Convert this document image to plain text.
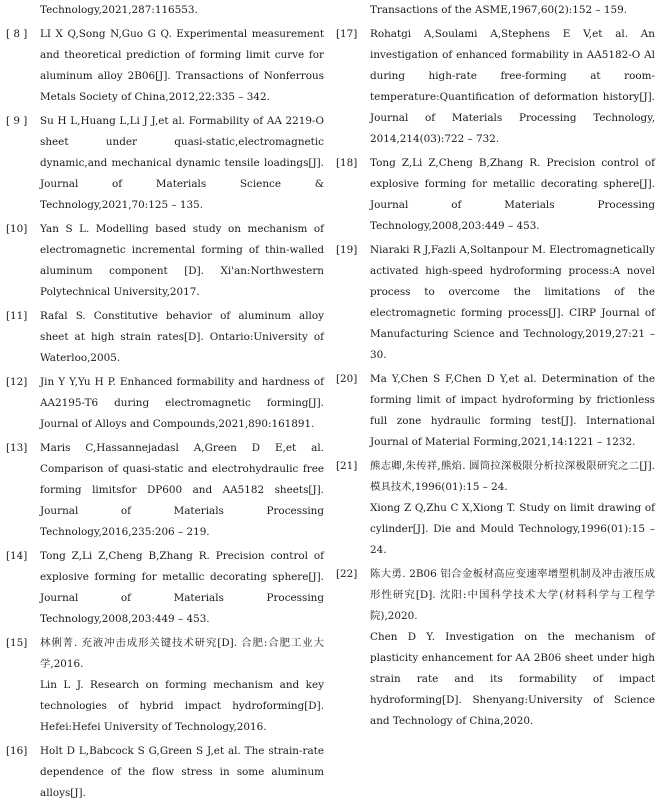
Technology,2021,287:116553.
[ 8 ]	LI X Q,Song N,Guo G Q. Experimental measurement and theoretical prediction of forming limit curve for aluminum alloy 2B06[J]. Transactions of Nonferrous Metals Society of China,2012,22:335 – 342.
[ 9 ]	Su H L,Huang L,Li J J,et al. Formability of AA 2219-O sheet under quasi-static,electromagnetic dynamic,and mechanical dynamic tensile loadings[J]. Journal of Materials Science & Technology,2021,70:125 – 135.
[10]	Yan S L. Modelling based study on mechanism of electromagnetic incremental forming of thin-walled aluminum component [D]. Xi'an:Northwestern Polytechnical University,2017.
[11]	Rafal S. Constitutive behavior of aluminum alloy sheet at high strain rates[D]. Ontario:University of Waterloo,2005.
[12]	Jin Y Y,Yu H P. Enhanced formability and hardness of AA2195-T6 during electromagnetic forming[J]. Journal of Alloys and Compounds,2021,890:161891.
[13]	Maris C,Hassannejadasl A,Green D E,et al. Comparison of quasi-static and electrohydraulic free forming limitsfor DP600 and AA5182 sheets[J]. Journal of Materials Processing Technology,2016,235:206 – 219.
[14]	Tong Z,Li Z,Cheng B,Zhang R. Precision control of explosive forming for metallic decorating sphere[J]. Journal of Materials Processing Technology,2008,203:449 – 453.
[15]	林俐菁. 充液冲击成形关键技术研究[D]. 合肥:合肥工业大学,2016.
Lin L J. Research on forming mechanism and key technologies of hybrid impact hydroforming[D]. Hefei:Hefei University of Technology,2016.
[16]	Holt D L,Babcock S G,Green S J,et al. The strain-rate dependence of the flow stress in some aluminum alloys[J].
Transactions of the ASME,1967,60(2):152 – 159.
[17]	Rohatgi A,Soulami A,Stephens E V,et al. An investigation of enhanced formability in AA5182-O Al during high-rate free-forming at room-temperature:Quantification of deformation history[J]. Journal of Materials Processing Technology, 2014,214(03):722 – 732.
[18]	Tong Z,Li Z,Cheng B,Zhang R. Precision control of explosive forming for metallic decorating sphere[J]. Journal of Materials Processing Technology,2008,203:449 – 453.
[19]	Niaraki R J,Fazli A,Soltanpour M. Electromagnetically activated high-speed hydroforming process:A novel process to overcome the limitations of the electromagnetic forming process[J]. CIRP Journal of Manufacturing Science and Technology,2019,27:21 – 30.
[20]	Ma Y,Chen S F,Chen D Y,et al. Determination of the forming limit of impact hydroforming by frictionless full zone hydraulic forming test[J]. International Journal of Material Forming,2021,14:1221 – 1232.
[21]	熊志卿,朱传祥,熊焰. 圆筒拉深极限分析拉深极限研究之二[J]. 模具技术,1996(01):15 – 24.
Xiong Z Q,Zhu C X,Xiong T. Study on limit drawing of cylinder[J]. Die and Mould Technology,1996(01):15 – 24.
[22]	陈大勇. 2B06 铝合金板材高应变速率增塑机制及冲击液压成形性研究[D]. 沈阳:中国科学技术大学(材料科学与工程学院),2020.
Chen D Y. Investigation on the mechanism of plasticity enhancement for AA 2B06 sheet under high strain rate and its formability of impact hydroforming[D]. Shenyang:University of Science and Technology of China,2020.
